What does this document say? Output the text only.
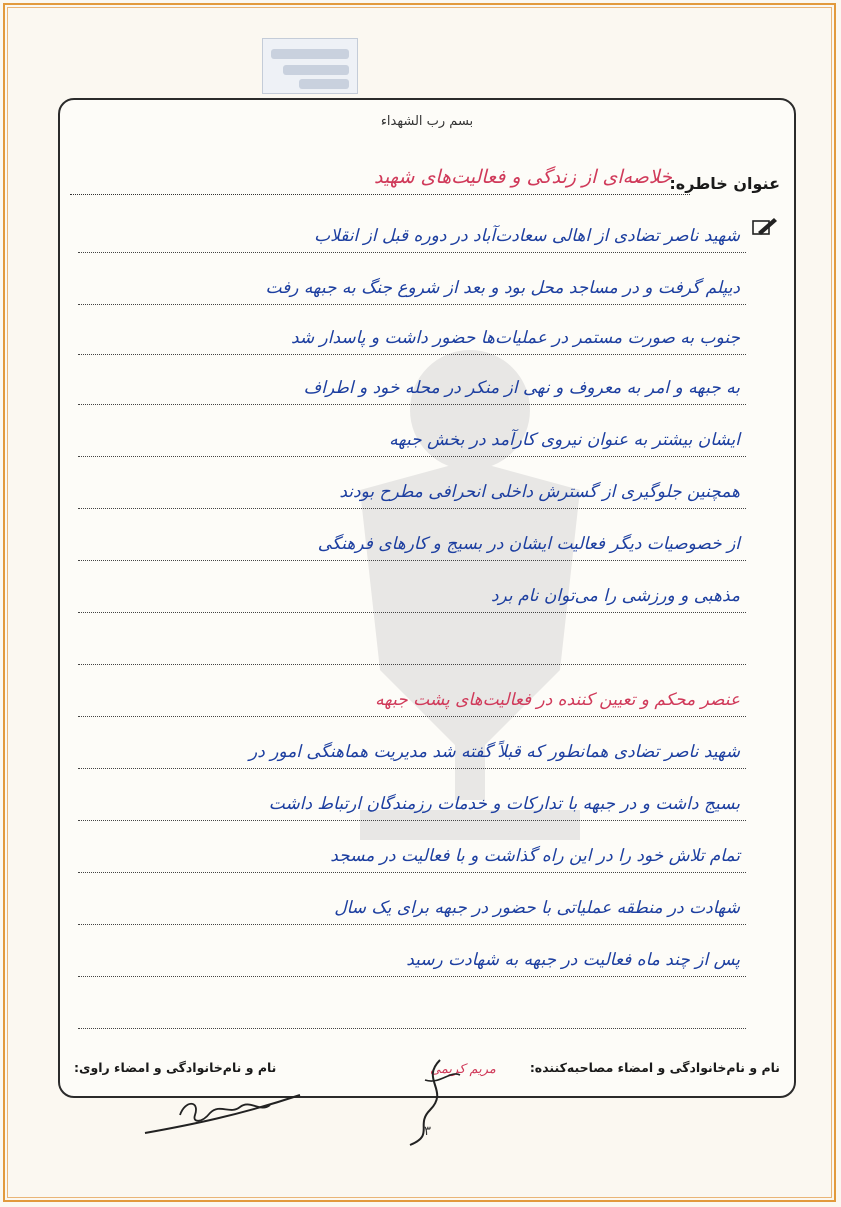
بسم رب الشهداء
عنوان خاطره:
خلاصه‌ای از زندگی و فعالیت‌های شهید
شهید ناصر تضادی از اهالی سعادت‌آباد در دوره قبل از انقلاب
دیپلم گرفت و در مساجد محل بود و بعد از شروع جنگ به جبهه رفت
جنوب به صورت مستمر در عملیات‌ها حضور داشت و پاسدار شد
به جبهه و امر به معروف و نهی از منکر در محله خود و اطراف
ایشان بیشتر به عنوان نیروی کارآمد در بخش جبهه
همچنین جلوگیری از گسترش داخلی انحرافی مطرح بودند
از خصوصیات دیگر فعالیت ایشان در بسیج و کارهای فرهنگی
مذهبی و ورزشی را می‌توان نام برد
عنصر محکم و تعیین کننده در فعالیت‌های پشت جبهه
شهید ناصر تضادی همانطور که قبلاً گفته شد مدیریت هماهنگی امور در
بسیج داشت و در جبهه با تدارکات و خدمات رزمندگان ارتباط داشت
تمام تلاش خود را در این راه گذاشت و با فعالیت در مسجد
شهادت در منطقه عملیاتی با حضور در جبهه برای یک سال
پس از چند ماه فعالیت در جبهه به شهادت رسید
نام و نام‌خانوادگی و امضاء مصاحبه‌کننده:
نام و نام‌خانوادگی و امضاء راوی:	مریم کریمی
۳
